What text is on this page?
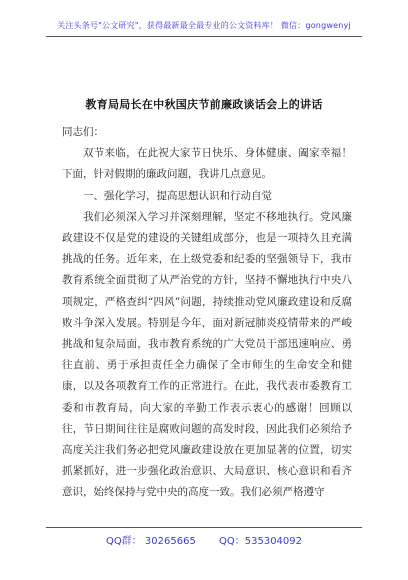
关注头条号"公文研究"，获得最新最全最专业的公文资料库！ 微信：gongwenyj
教育局局长在中秋国庆节前廉政谈话会上的讲话

同志们：

双节来临，在此祝大家节日快乐、身体健康、阖家幸福！下面，针对假期的廉政问题，我讲几点意见。

一、强化学习，提高思想认识和行动自觉

我们必须深入学习并深刻理解，坚定不移地执行。党风廉政建设不仅是党的建设的关键组成部分，也是一项持久且充满挑战的任务。近年来，在上级党委和纪委的坚强领导下，我市教育系统全面贯彻了从严治党的方针，坚持不懈地执行中央八项规定，严格查纠“四风”问题，持续推动党风廉政建设和反腐败斗争深入发展。特别是今年，面对新冠肺炎疫情带来的严峻挑战和复杂局面，我市教育系统的广大党员干部迅速响应、勇往直前、勇于承担责任全力确保了全市师生的生命安全和健康，以及各项教育工作的正常进行。在此，我代表市委教育工委和市教育局，向大家的辛勤工作表示衷心的感谢！回顾以往，节日期间往往是腐败问题的高发时段，因此我们必须给予高度关注我们务必把党风廉政建设放在更加显著的位置，切实抓紧抓好，进一步强化政治意识、大局意识、核心意识和看齐意识，始终保持与党中央的高度一致。我们必须严格遵守

QQ群： 30265665 QQ：535304092
